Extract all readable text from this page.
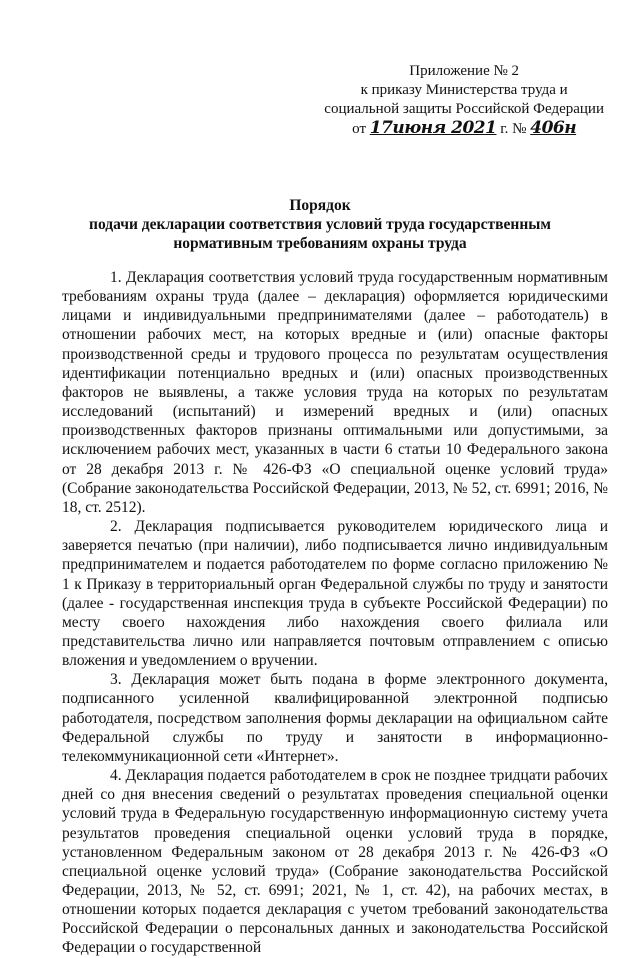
Приложение № 2
к приказу Министерства труда и
социальной защиты Российской Федерации
от 17июня 2021 г. № 406н
Порядок
подачи декларации соответствия условий труда государственным
нормативным требованиям охраны труда

1. Декларация соответствия условий труда государственным нормативным требованиям охраны труда (далее – декларация) оформляется юридическими лицами и индивидуальными предпринимателями (далее – работодатель) в отношении рабочих мест, на которых вредные и (или) опасные факторы производственной среды и трудового процесса по результатам осуществления идентификации потенциально вредных и (или) опасных производственных факторов не выявлены, а также условия труда на которых по результатам исследований (испытаний) и измерений вредных и (или) опасных производственных факторов признаны оптимальными или допустимыми, за исключением рабочих мест, указанных в части 6 статьи 10 Федерального закона от 28 декабря 2013 г. № 426-ФЗ «О специальной оценке условий труда» (Собрание законодательства Российской Федерации, 2013, № 52, ст. 6991; 2016, № 18, ст. 2512).

2. Декларация подписывается руководителем юридического лица и заверяется печатью (при наличии), либо подписывается лично индивидуальным предпринимателем и подается работодателем по форме согласно приложению № 1 к Приказу в территориальный орган Федеральной службы по труду и занятости (далее - государственная инспекция труда в субъекте Российской Федерации) по месту своего нахождения либо нахождения своего филиала или представительства лично или направляется почтовым отправлением с описью вложения и уведомлением о вручении.

3. Декларация может быть подана в форме электронного документа, подписанного усиленной квалифицированной электронной подписью работодателя, посредством заполнения формы декларации на официальном сайте Федеральной службы по труду и занятости в информационно-телекоммуникационной сети «Интернет».

4. Декларация подается работодателем в срок не позднее тридцати рабочих дней со дня внесения сведений о результатах проведения специальной оценки условий труда в Федеральную государственную информационную систему учета результатов проведения специальной оценки условий труда в порядке, установленном Федеральным законом от 28 декабря 2013 г. № 426-ФЗ «О специальной оценке условий труда» (Собрание законодательства Российской Федерации, 2013, № 52, ст. 6991; 2021, № 1, ст. 42), на рабочих местах, в отношении которых подается декларация с учетом требований законодательства Российской Федерации о персональных данных и законодательства Российской Федерации о государственной
